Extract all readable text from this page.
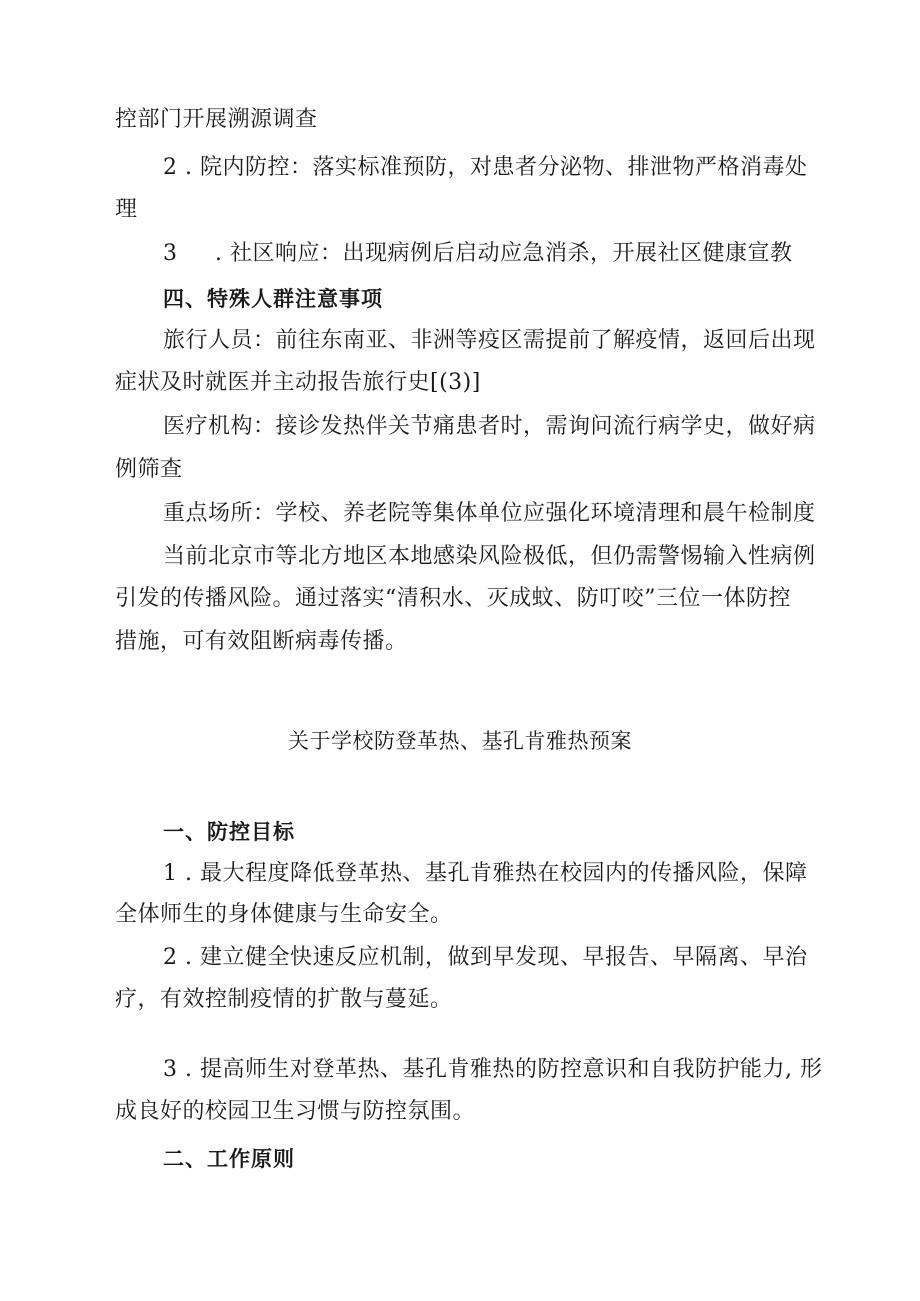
控部门开展溯源调查
2 . 院内防控：落实标准预防，对患者分泌物、排泄物严格消毒处
理
3     . 社区响应：出现病例后启动应急消杀，开展社区健康宣教
四、特殊人群注意事项
旅行人员：前往东南亚、非洲等疫区需提前了解疫情，返回后出现
症状及时就医并主动报告旅行史[(3)]
医疗机构：接诊发热伴关节痛患者时，需询问流行病学史，做好病
例筛查
重点场所：学校、养老院等集体单位应强化环境清理和晨午检制度
当前北京市等北方地区本地感染风险极低，但仍需警惕输入性病例
引发的传播风险。通过落实“清积水、灭成蚊、防叮咬”三位一体防控
措施，可有效阻断病毒传播。
关于学校防登革热、基孔肯雅热预案
一、防控目标
1 . 最大程度降低登革热、基孔肯雅热在校园内的传播风险，保障
全体师生的身体健康与生命安全。
2 . 建立健全快速反应机制，做到早发现、早报告、早隔离、早治
疗，有效控制疫情的扩散与蔓延。
3 . 提高师生对登革热、基孔肯雅热的防控意识和自我防护能力, 形
成良好的校园卫生习惯与防控氛围。
二、工作原则
